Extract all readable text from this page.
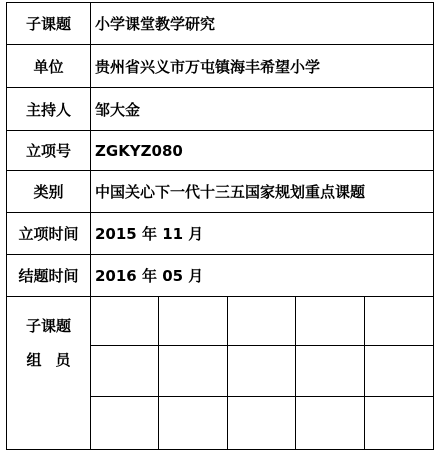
子课题	小学课堂教学研究
单位	贵州省兴义市万屯镇海丰希望小学
主持人	邹大金
立项号	ZGKYZ080
类别	中国关心下一代十三五国家规划重点课题
立项时间	2015 年 11 月
结题时间	2016 年 05 月
子课题
组员
